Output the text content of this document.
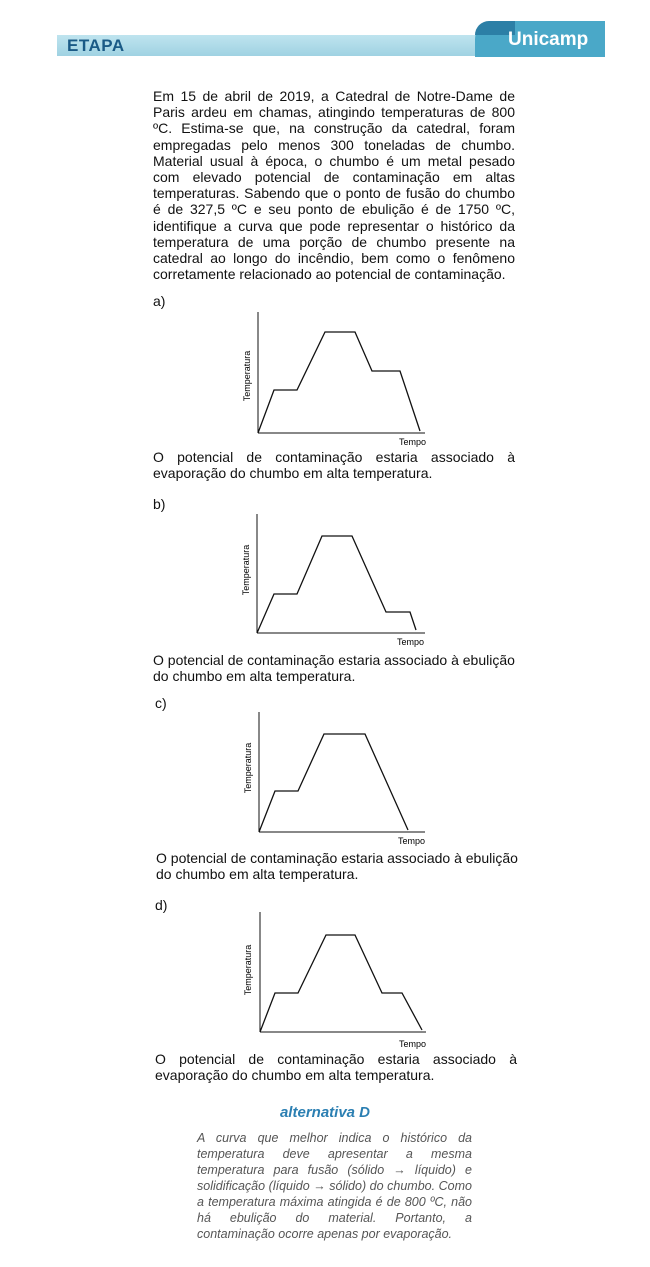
ETAPA	Unicamp

Em 15 de abril de 2019, a Catedral de Notre-Dame de Paris ardeu em chamas, atingindo temperaturas de 800 ºC. Estima-se que, na construção da catedral, foram empregadas pelo menos 300 toneladas de chumbo. Material usual à época, o chumbo é um metal pesado com elevado potencial de contaminação em altas temperaturas. Sabendo que o ponto de fusão do chumbo é de 327,5 ºC e seu ponto de ebulição é de 1750 ºC, identifique a curva que pode representar o histórico da temperatura de uma porção de chumbo presente na catedral ao longo do incêndio, bem como o fenômeno corretamente relacionado ao potencial de contaminação.

a)
Temperatura
Tempo

O potencial de contaminação estaria associado à evaporação do chumbo em alta temperatura.

b)
Temperatura
Tempo

O potencial de contaminação estaria associado à ebulição do chumbo em alta temperatura.

c)
Temperatura
Tempo

O potencial de contaminação estaria associado à ebulição do chumbo em alta temperatura.

d)
Temperatura
Tempo

O potencial de contaminação estaria associado à evaporação do chumbo em alta temperatura.

alternativa D

A curva que melhor indica o histórico da temperatura deve apresentar a mesma temperatura para fusão (sólido → líquido) e solidificação (líquido → sólido) do chumbo. Como a temperatura máxima atingida é de 800 ºC, não há ebulição do material. Portanto, a contaminação ocorre apenas por evaporação.
